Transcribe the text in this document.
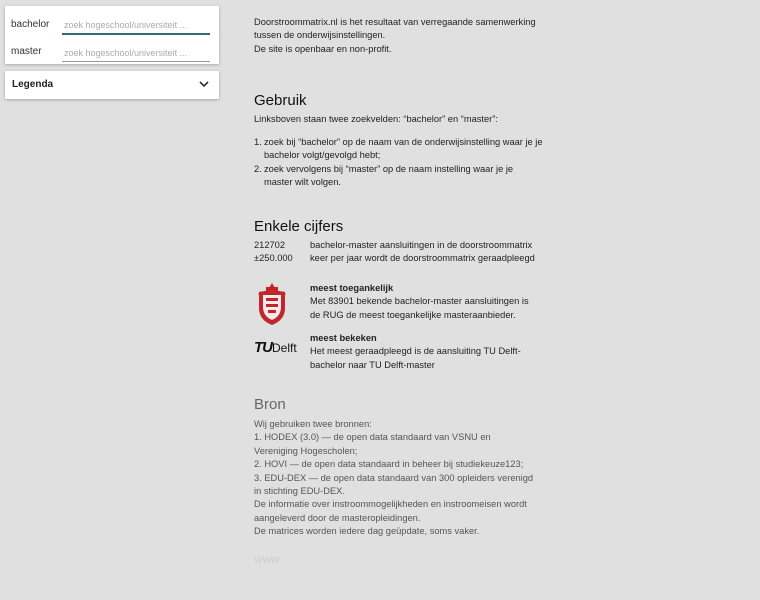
bachelor
zoek hogeschool/universiteit ...
master
zoek hogeschool/universiteit ...
Legenda

Doorstroommatrix.nl is het resultaat van verregaande samenwerking

tussen de onderwijsinstellingen.

De site is openbaar en non-profit.

Gebruik

Linksboven staan twee zoekvelden: “bachelor” en “master”:

1. zoek bij “bachelor” op de naam van de onderwijsinstelling waar je je bachelor volgt/gevolgd hebt;
2. zoek vervolgens bij “master” op de naam instelling waar je je master wilt volgen.
Enkele cijfers
212702	bachelor-master aansluitingen in de doorstroommatrix
±250.000 keer per jaar wordt de doorstroommatrix geraadpleegd
meest toegankelijk
Met 83901 bekende bachelor-master aansluitingen is de RUG de meest toegankelijke masteraanbieder.
TUDelft
meest bekeken
Het meest geraadpleegd is de aansluiting TU Delft-bachelor naar TU Delft-master
Bron
Wij gebruiken twee bronnen:
1. HODEX (3.0) — de open data standaard van VSNU en Vereniging Hogescholen;
2. HOVI — de open data standaard in beheer bij studiekeuze123;
3. EDU-DEX — de open data standaard van 300 opleiders verenigd in stichting EDU-DEX.
De informatie over instroommogelijkheden en instroomeisen wordt aangeleverd door de masteropleidingen.
De matrices worden iedere dag geüpdate, soms vaker.
WWW
